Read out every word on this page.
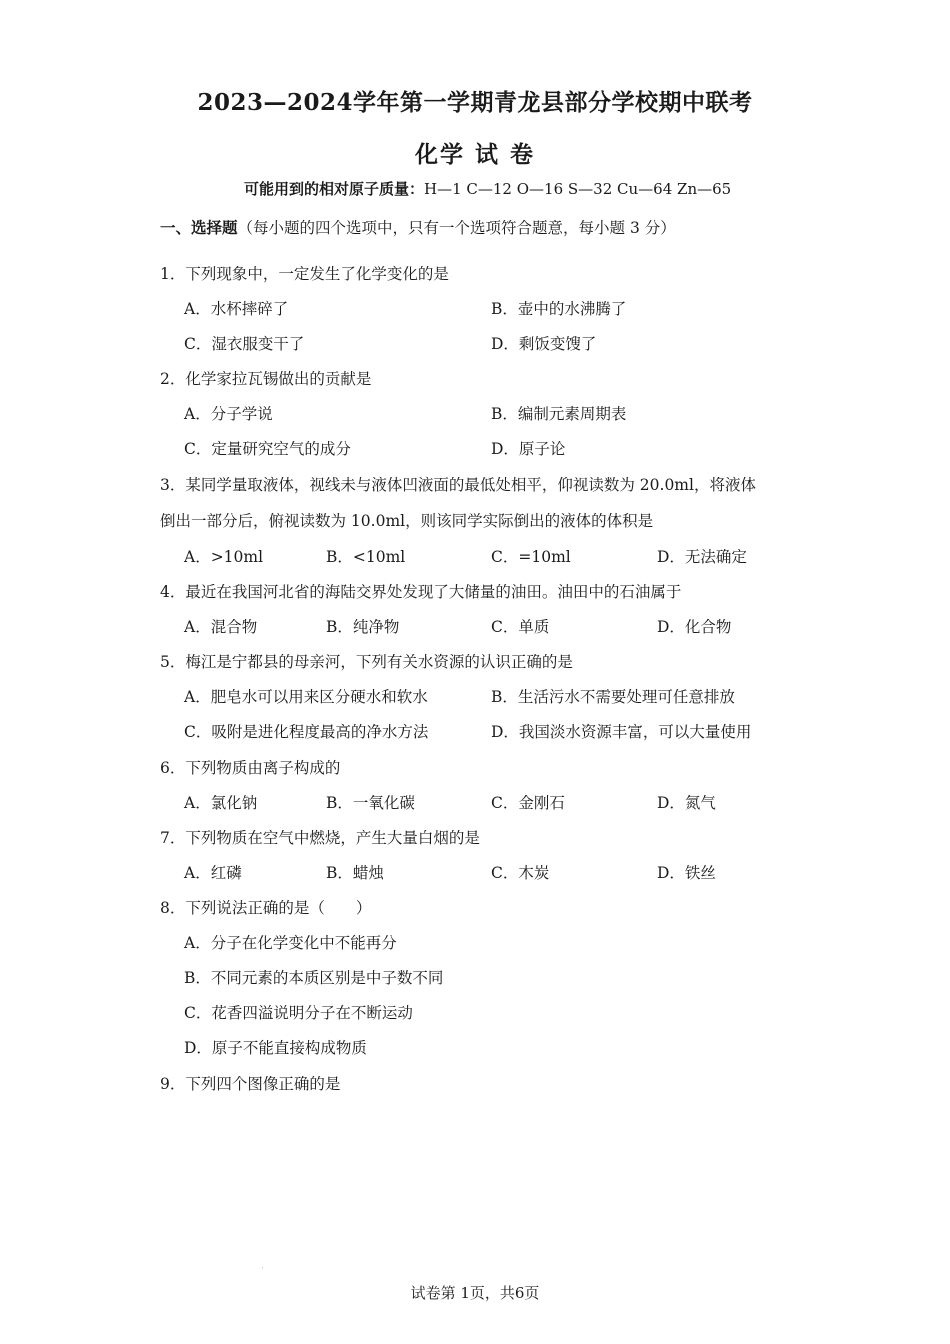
2023—2024学年第一学期青龙县部分学校期中联考
化学 试 卷
可能用到的相对原子质量：H—1 C—12 O—16 S—32 Cu—64 Zn—65
一、选择题（每小题的四个选项中，只有一个选项符合题意，每小题 3 分）
1．下列现象中，一定发生了化学变化的是
A．水杯摔碎了	B．壶中的水沸腾了
C．湿衣服变干了	D．剩饭变馊了
2．化学家拉瓦锡做出的贡献是
A．分子学说	B．编制元素周期表
C．定量研究空气的成分	D．原子论
3．某同学量取液体，视线未与液体凹液面的最低处相平，仰视读数为 20.0ml，将液体
倒出一部分后，俯视读数为 10.0ml，则该同学实际倒出的液体的体积是
A．>10ml	B．<10ml	C．=10ml	D．无法确定
4．最近在我国河北省的海陆交界处发现了大储量的油田。油田中的石油属于
A．混合物	B．纯净物	C．单质	D．化合物
5．梅江是宁都县的母亲河，下列有关水资源的认识正确的是
A．肥皂水可以用来区分硬水和软水	B．生活污水不需要处理可任意排放
C．吸附是进化程度最高的净水方法	D．我国淡水资源丰富，可以大量使用
6．下列物质由离子构成的
A．氯化钠	B．一氧化碳	C．金刚石	D．氮气
7．下列物质在空气中燃烧，产生大量白烟的是
A．红磷	B．蜡烛	C．木炭	D．铁丝
8．下列说法正确的是（　　）
A．分子在化学变化中不能再分
B．不同元素的本质区别是中子数不同
C．花香四溢说明分子在不断运动
D．原子不能直接构成物质
9．下列四个图像正确的是
试卷第 1页，共6页
